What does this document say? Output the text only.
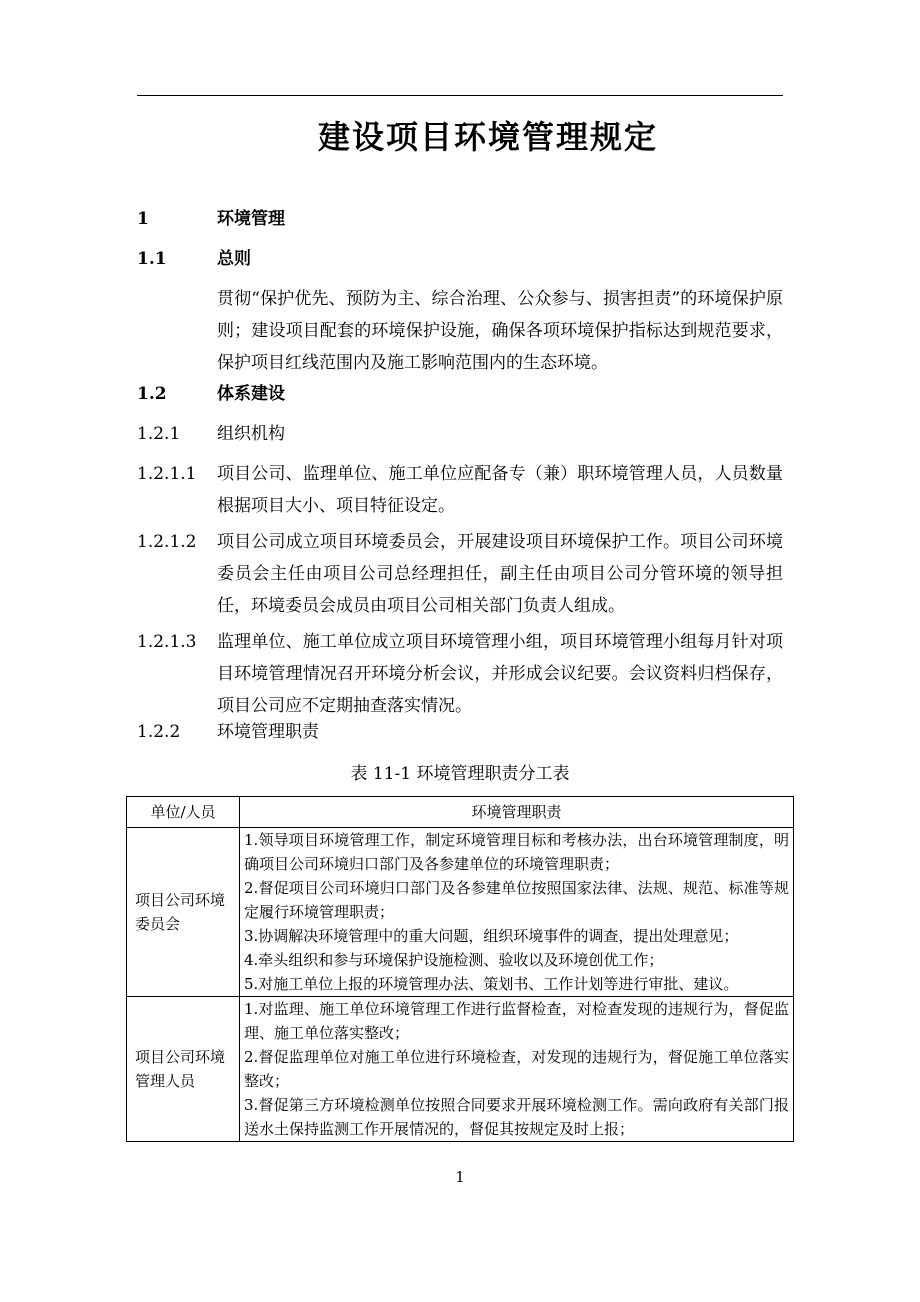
建设项目环境管理规定
1	环境管理
1.1	总则
贯彻“保护优先、预防为主、综合治理、公众参与、损害担责”的环境保护原则；建设项目配套的环境保护设施，确保各项环境保护指标达到规范要求，保护项目红线范围内及施工影响范围内的生态环境。
1.2	体系建设
1.2.1 组织机构
1.2.1.1 项目公司、监理单位、施工单位应配备专（兼）职环境管理人员，人员数量根据项目大小、项目特征设定。
1.2.1.2 项目公司成立项目环境委员会，开展建设项目环境保护工作。项目公司环境委员会主任由项目公司总经理担任，副主任由项目公司分管环境的领导担任，环境委员会成员由项目公司相关部门负责人组成。
1.2.1.3 监理单位、施工单位成立项目环境管理小组，项目环境管理小组每月针对项目环境管理情况召开环境分析会议，并形成会议纪要。会议资料归档保存，项目公司应不定期抽查落实情况。
1.2.2 环境管理职责
表 11-1 环境管理职责分工表
单位/人员	环境管理职责
项目公司环境委员会	1.领导项目环境管理工作，制定环境管理目标和考核办法，出台环境管理制度，明确项目公司环境归口部门及各参建单位的环境管理职责；
2.督促项目公司环境归口部门及各参建单位按照国家法律、法规、规范、标准等规定履行环境管理职责；
3.协调解决环境管理中的重大问题，组织环境事件的调查，提出处理意见；
4.牵头组织和参与环境保护设施检测、验收以及环境创优工作；
5.对施工单位上报的环境管理办法、策划书、工作计划等进行审批、建议。

项目公司环境管理人员	1.对监理、施工单位环境管理工作进行监督检查，对检查发现的违规行为，督促监理、施工单位落实整改；
2.督促监理单位对施工单位进行环境检查，对发现的违规行为，督促施工单位落实整改；
3.督促第三方环境检测单位按照合同要求开展环境检测工作。需向政府有关部门报送水土保持监测工作开展情况的，督促其按规定及时上报；
1
